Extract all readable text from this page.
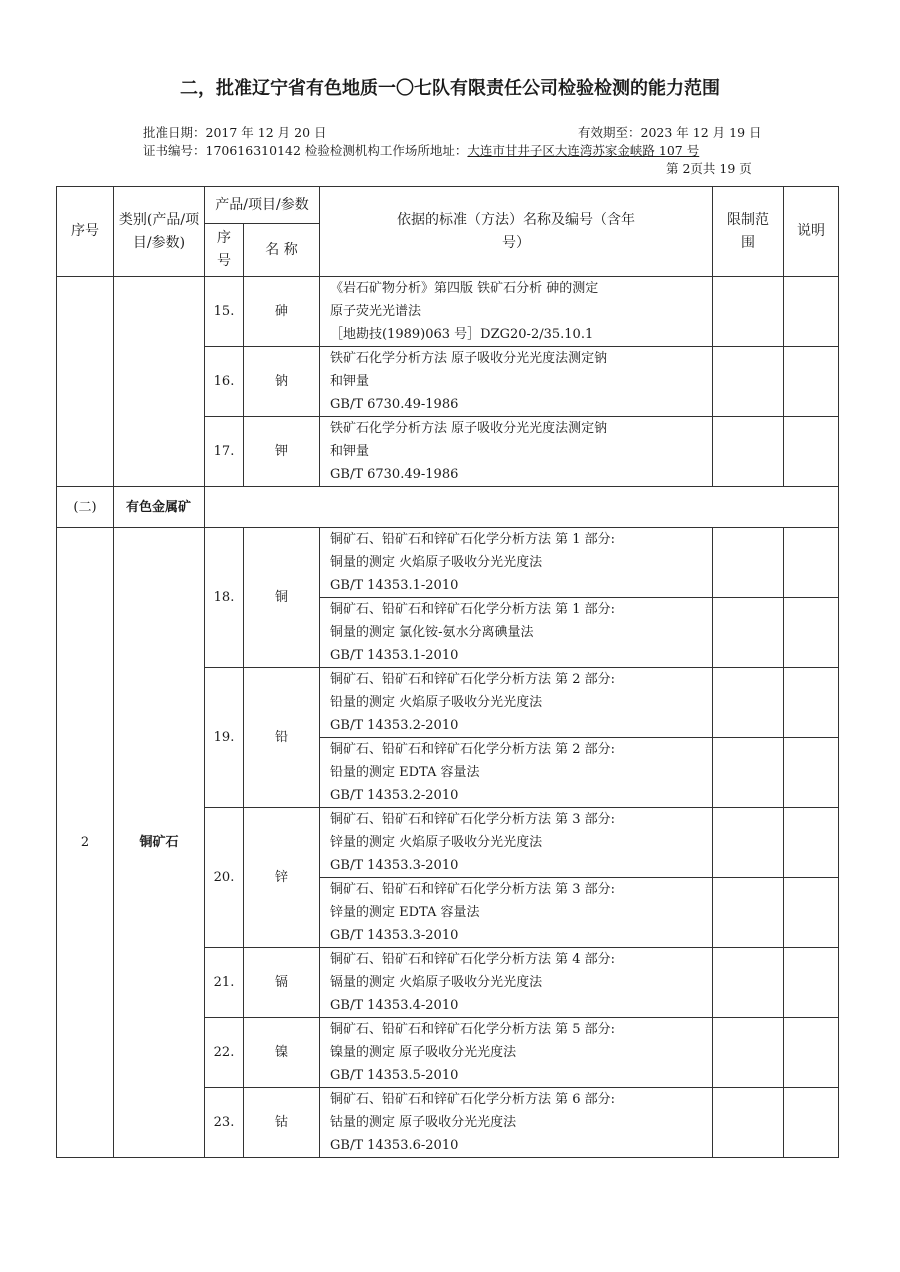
二，批准辽宁省有色地质一〇七队有限责任公司检验检测的能力范围
批准日期：2017 年 12 月 20 日	有效期至：2023 年 12 月 19 日
证书编号：170616310142 检验检测机构工作场所地址：大连市甘井子区大连湾苏家金峡路 107 号
第 2页共 19 页
序号	类别(产品/项目/参数)	产品/项目/参数		依据的标准（方法）名称及编号（含年号）	限制范围	说明
		序号	名 称			
		15.	砷	《岩石矿物分析》第四版 铁矿石分析 砷的测定
原子荧光光谱法
［地勘技(1989)063 号］DZG20-2/35.10.1		

		16.	钠	铁矿石化学分析方法 原子吸收分光光度法测定钠
和钾量
GB/T 6730.49-1986		

		17.	钾	铁矿石化学分析方法 原子吸收分光光度法测定钠
和钾量
GB/T 6730.49-1986		

(二)	有色金属矿					
2	铜矿石	18.	铜	铜矿石、铅矿石和锌矿石化学分析方法 第 1 部分:
铜量的测定 火焰原子吸收分光光度法
GB/T 14353.1-2010		

				铜矿石、铅矿石和锌矿石化学分析方法 第 1 部分:
铜量的测定 氯化铵-氨水分离碘量法
GB/T 14353.1-2010		

		19.	铅	铜矿石、铅矿石和锌矿石化学分析方法 第 2 部分:
铅量的测定 火焰原子吸收分光光度法
GB/T 14353.2-2010		

				铜矿石、铅矿石和锌矿石化学分析方法 第 2 部分:
铅量的测定 EDTA 容量法
GB/T 14353.2-2010		

		20.	锌	铜矿石、铅矿石和锌矿石化学分析方法 第 3 部分:
锌量的测定 火焰原子吸收分光光度法
GB/T 14353.3-2010		

				铜矿石、铅矿石和锌矿石化学分析方法 第 3 部分:
锌量的测定 EDTA 容量法
GB/T 14353.3-2010		

		21.	镉	铜矿石、铅矿石和锌矿石化学分析方法 第 4 部分:
镉量的测定 火焰原子吸收分光光度法
GB/T 14353.4-2010		

		22.	镍	铜矿石、铅矿石和锌矿石化学分析方法 第 5 部分:
镍量的测定 原子吸收分光光度法
GB/T 14353.5-2010		

		23.	钴	铜矿石、铅矿石和锌矿石化学分析方法 第 6 部分:
钴量的测定 原子吸收分光光度法
GB/T 14353.6-2010		
